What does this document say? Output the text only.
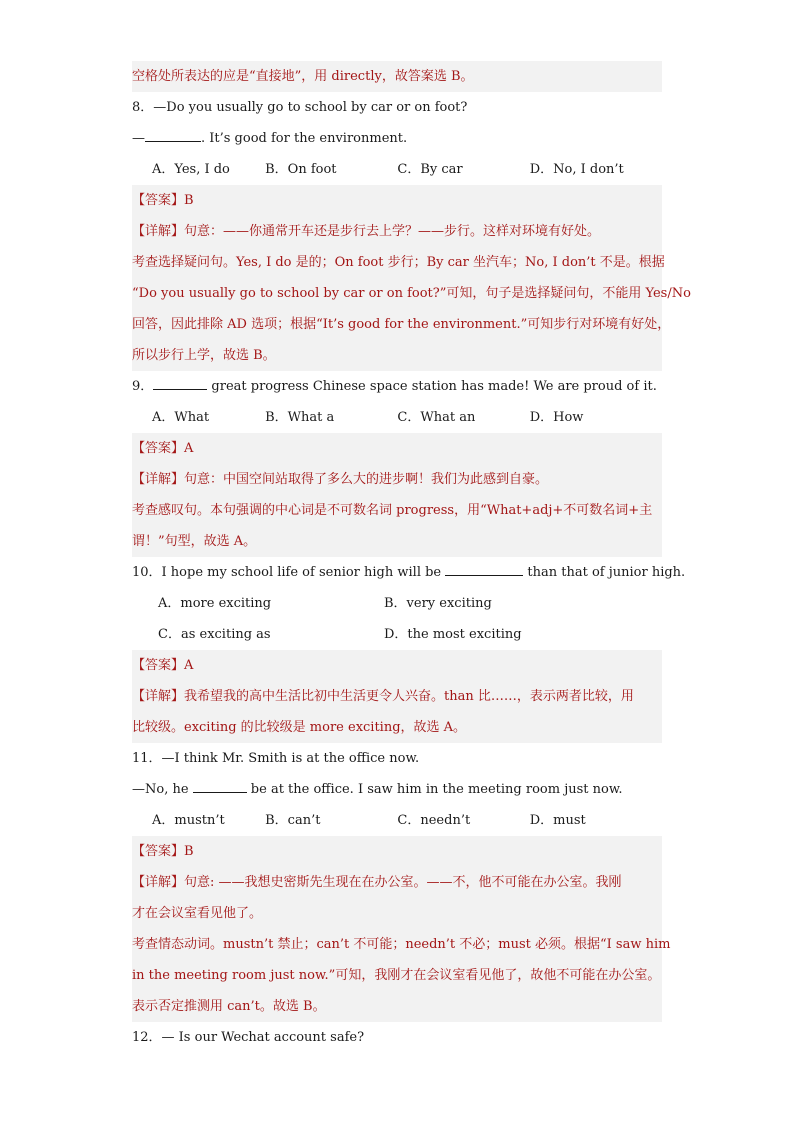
空格处所表达的应是“直接地”，用 directly，故答案选 B。
8．—Do you usually go to school by car or on foot?
—	. It’s good for the environment.
A．Yes, I do	B．On foot	C．By car	D．No, I don’t
【答案】B
【详解】句意：——你通常开车还是步行去上学？——步行。这样对环境有好处。
考查选择疑问句。Yes, I do 是的；On foot 步行；By car 坐汽车；No, I don’t 不是。根据
“Do you usually go to school by car or on foot?”可知，句子是选择疑问句，不能用 Yes/No
回答，因此排除 AD 选项；根据“It’s good for the environment.”可知步行对环境有好处，
所以步行上学，故选 B。
9．	great progress Chinese space station has made! We are proud of it.
A．What	B．What a	C．What an	D．How
【答案】A
【详解】句意：中国空间站取得了多么大的进步啊！我们为此感到自豪。
考查感叹句。本句强调的中心词是不可数名词 progress，用“What+adj+不可数名词+主
谓！”句型，故选 A。
10．I hope my school life of senior high will be	than that of junior high.
A．more exciting	B．very exciting
C．as exciting as	D．the most exciting
【答案】A
【详解】我希望我的高中生活比初中生活更令人兴奋。than 比……，表示两者比较，用
比较级。exciting 的比较级是 more exciting，故选 A。
11．—I think Mr. Smith is at the office now.
—No, he	be at the office. I saw him in the meeting room just now.
A．mustn’t	B．can’t	C．needn’t	D．must
【答案】B
【详解】句意: ——我想史密斯先生现在在办公室。——不，他不可能在办公室。我刚
才在会议室看见他了。
考查情态动词。mustn’t 禁止；can’t 不可能；needn’t 不必；must 必须。根据“I saw him
in the meeting room just now.”可知，我刚才在会议室看见他了，故他不可能在办公室。
表示否定推测用 can’t。故选 B。
12．— Is our Wechat account safe?
